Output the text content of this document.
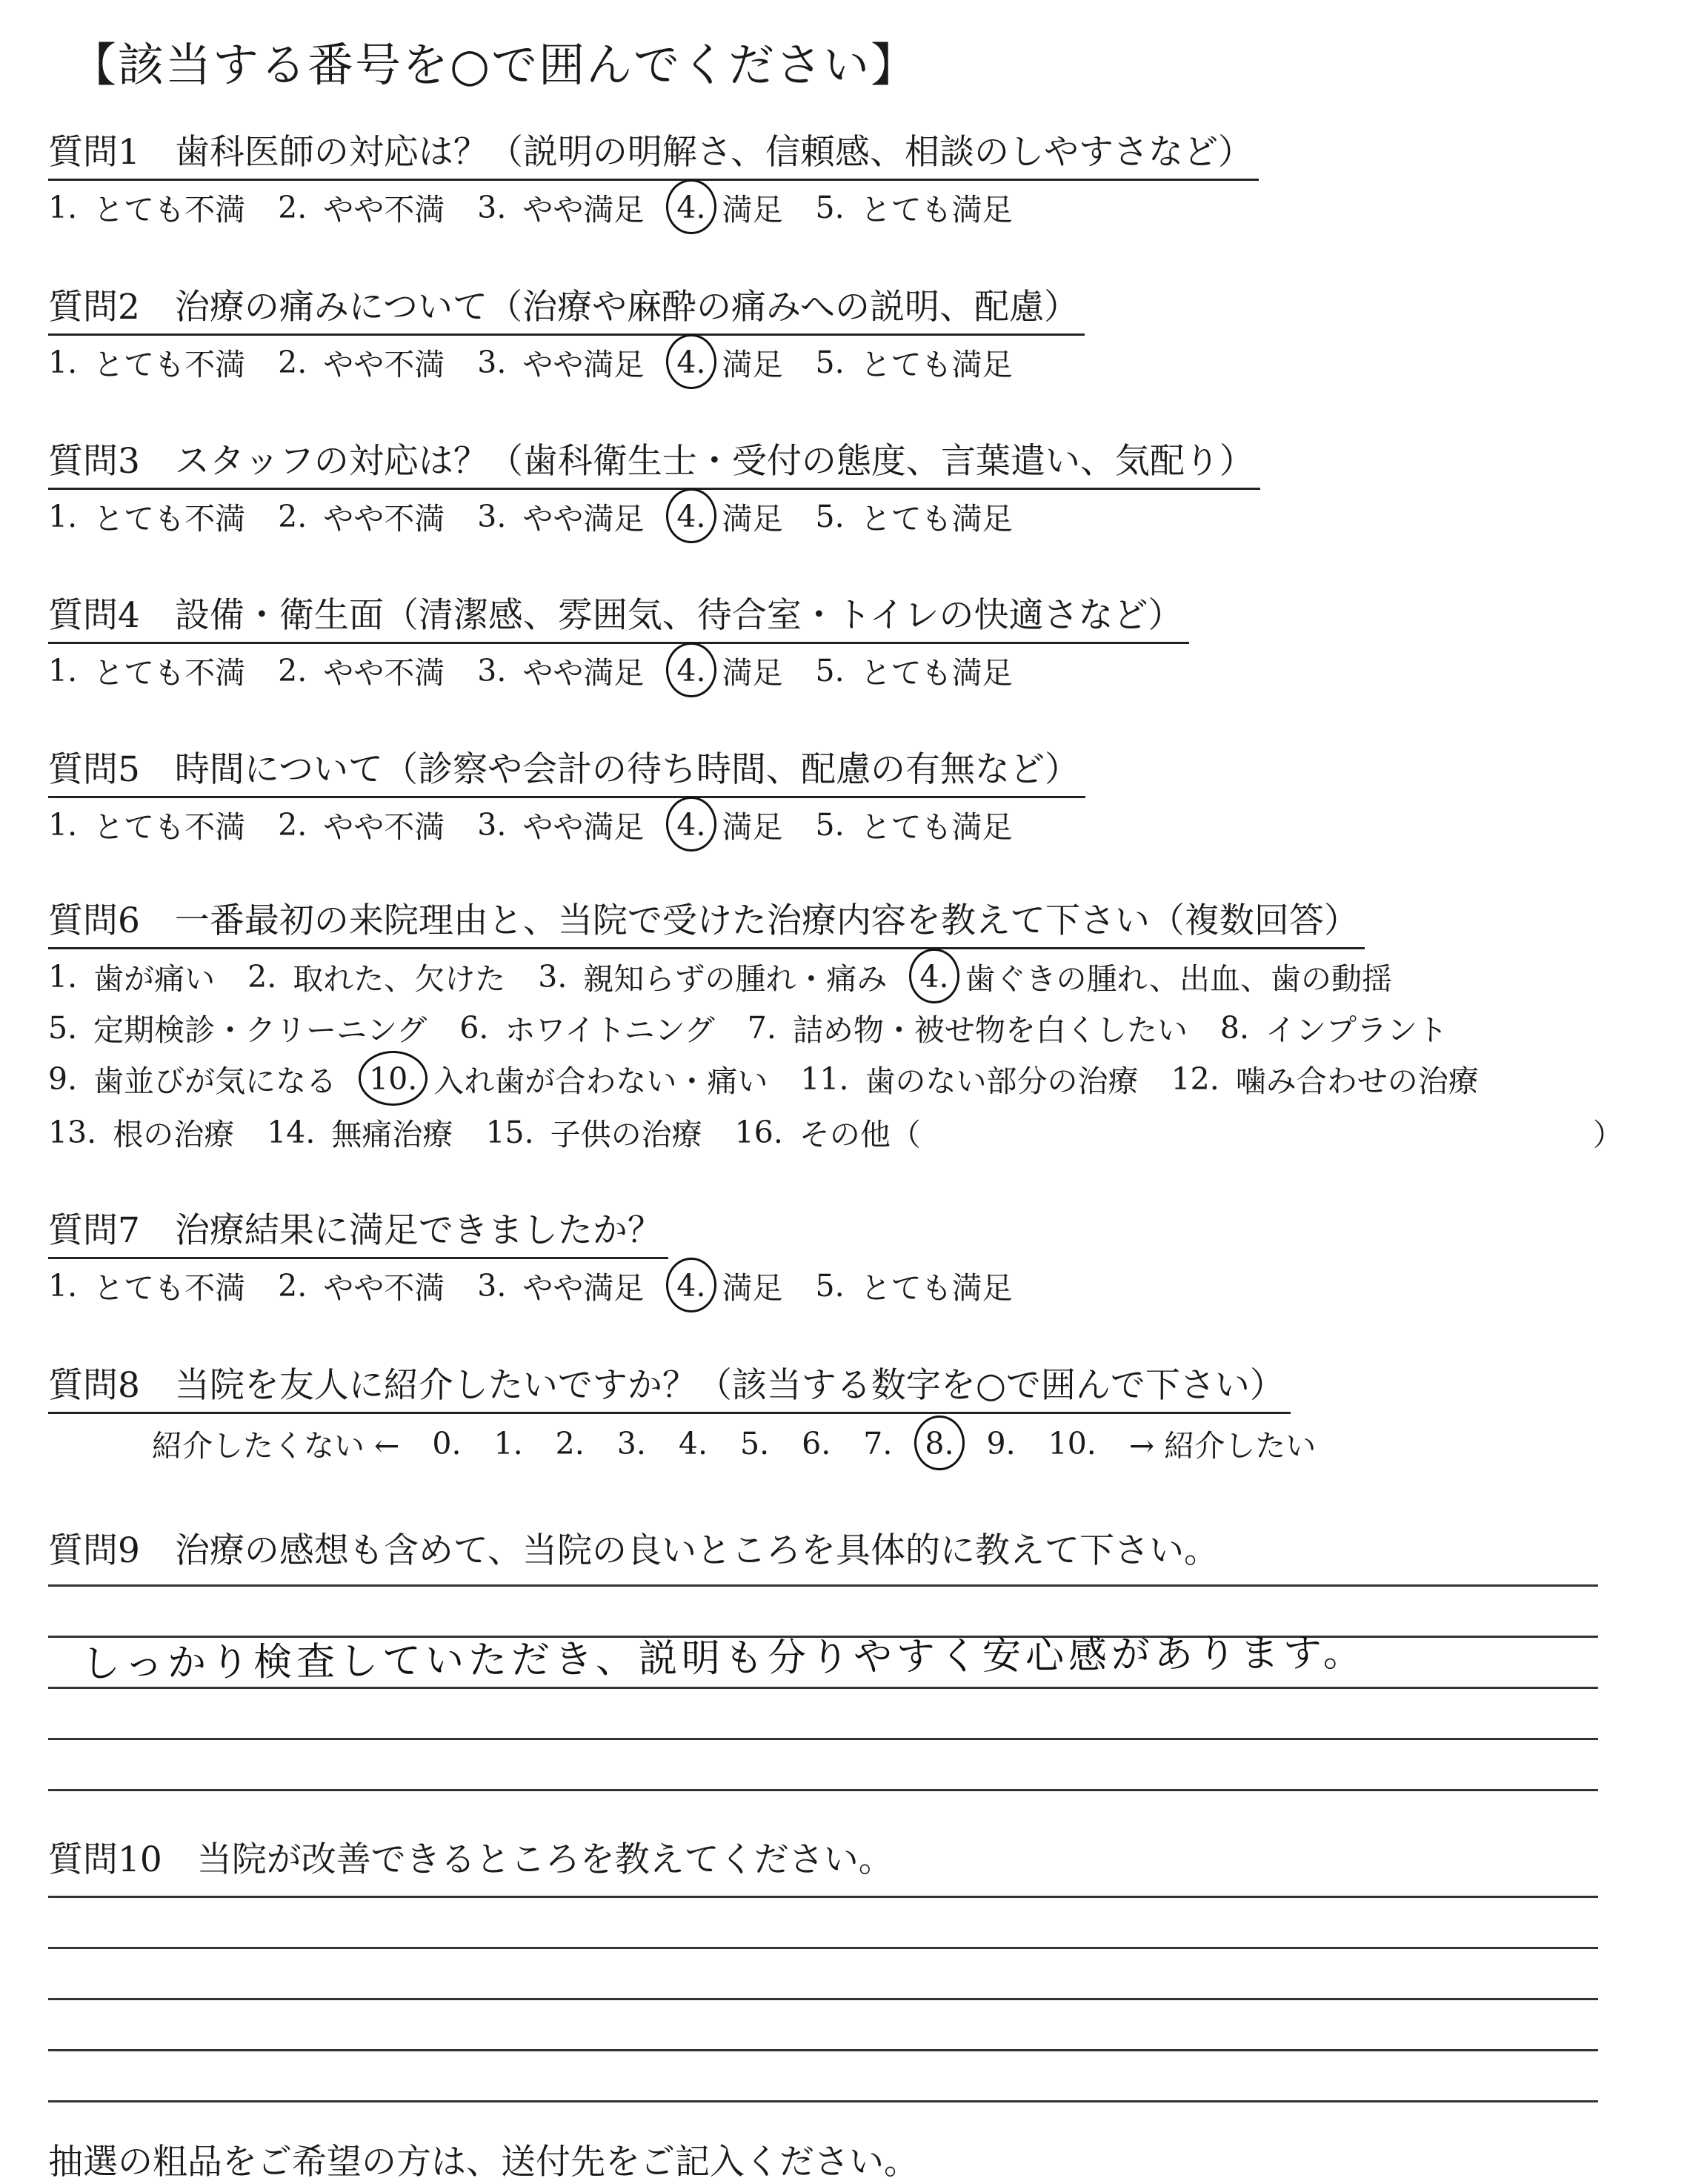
【該当する番号を○で囲んでください】
質問1　歯科医師の対応は？（説明の明解さ、信頼感、相談のしやすさなど）
1. とても不満 2. やや不満 3. やや満足 4. 満足 5. とても満足
質問2　治療の痛みについて（治療や麻酔の痛みへの説明、配慮）
1. とても不満 2. やや不満 3. やや満足 4. 満足 5. とても満足
質問3　スタッフの対応は？（歯科衛生士・受付の態度、言葉遣い、気配り）
1. とても不満 2. やや不満 3. やや満足 4. 満足 5. とても満足
質問4　設備・衛生面（清潔感、雰囲気、待合室・トイレの快適さなど）
1. とても不満 2. やや不満 3. やや満足 4. 満足 5. とても満足
質問5　時間について（診察や会計の待ち時間、配慮の有無など）
1. とても不満 2. やや不満 3. やや満足 4. 満足 5. とても満足
質問7　治療結果に満足できましたか？
1. とても不満 2. やや不満 3. やや満足 4. 満足 5. とても満足
質問6　一番最初の来院理由と、当院で受けた治療内容を教えて下さい（複数回答）
1. 歯が痛い 2. 取れた、欠けた 3. 親知らずの腫れ・痛み 4. 歯ぐきの腫れ、出血、歯の動揺
5. 定期検診・クリーニング 6. ホワイトニング 7. 詰め物・被せ物を白くしたい 8. インプラント
9. 歯並びが気になる 10. 入れ歯が合わない・痛い 11. 歯のない部分の治療 12. 噛み合わせの治療
13. 根の治療 14. 無痛治療 15. 子供の治療 16. その他（	）
質問8　当院を友人に紹介したいですか？（該当する数字を○で囲んで下さい）
紹介したくない ← 0. 1. 2. 3. 4. 5. 6. 7. 8. 9. 10. → 紹介したい
質問9　治療の感想も含めて、当院の良いところを具体的に教えて下さい。
しっかり検査していただき、説明も分りやすく安心感があります。
質問10　当院が改善できるところを教えてください。
抽選の粗品をご希望の方は、送付先をご記入ください。
